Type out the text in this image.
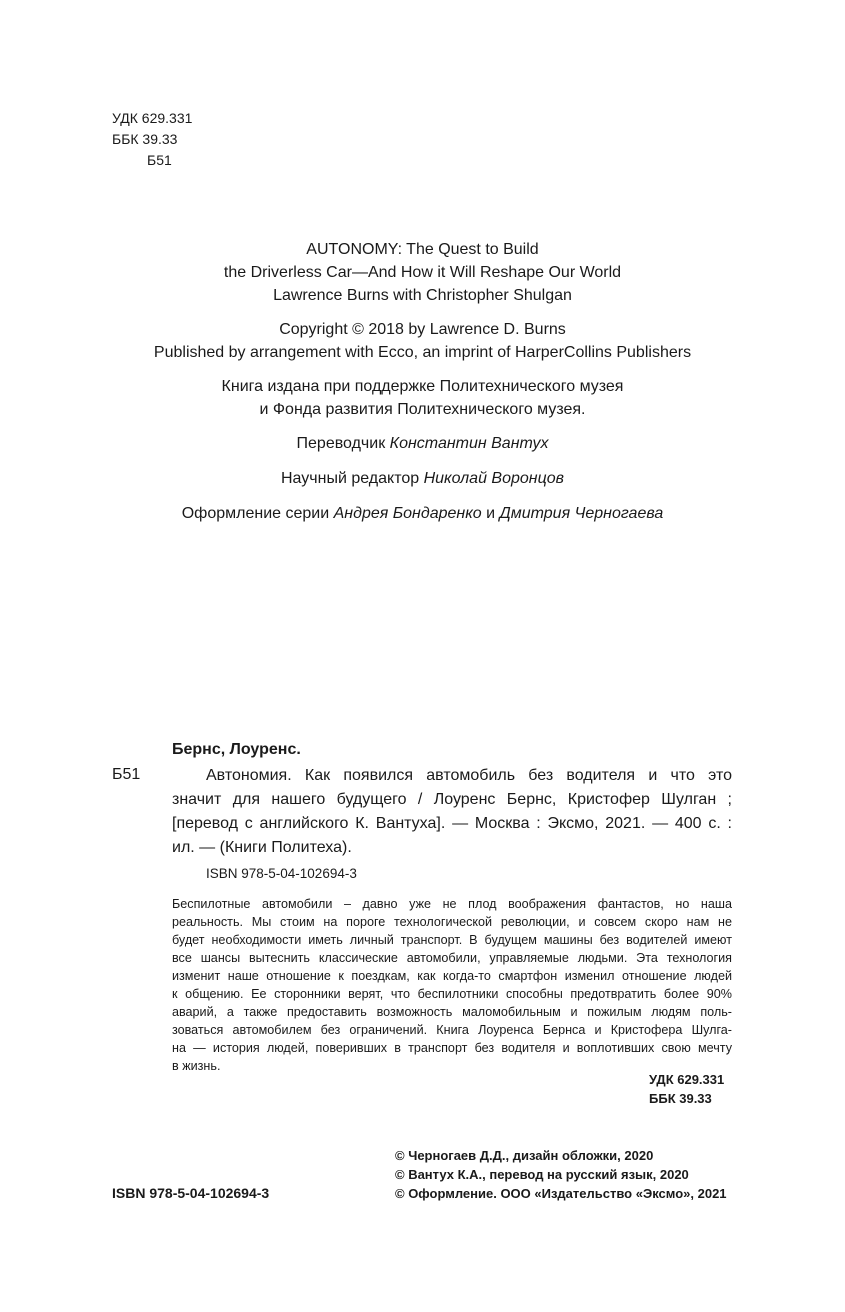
УДК 629.331
ББК 39.33
Б51
AUTONOMY: The Quest to Build
the Driverless Car—And How it Will Reshape Our World
Lawrence Burns with Christopher Shulgan
Copyright © 2018 by Lawrence D. Burns
Published by arrangement with Ecco, an imprint of HarperCollins Publishers
Книга издана при поддержке Политехнического музея
и Фонда развития Политехнического музея.
Переводчик Константин Вантух
Научный редактор Николай Воронцов
Оформление серии Андрея Бондаренко и Дмитрия Черногаева
Бернс, Лоуренс.
Б51	Автономия. Как появился автомобиль без водителя и что это
значит для нашего будущего / Лоуренс Бернс, Кристофер Шулган ;
[перевод с английского К. Вантуха]. — Москва : Эксмо, 2021. — 400 с. :
ил. — (Книги Политеха).
ISBN 978-5-04-102694-3
Беспилотные автомобили – давно уже не плод воображения фантастов, но наша
реальность. Мы стоим на пороге технологической революции, и совсем скоро нам не
будет необходимости иметь личный транспорт. В будущем машины без водителей имеют
все шансы вытеснить классические автомобили, управляемые людьми. Эта технология
изменит наше отношение к поездкам, как когда-то смартфон изменил отношение людей
к общению. Ее сторонники верят, что беспилотники способны предотвратить более 90%
аварий, а также предоставить возможность маломобильным и пожилым людям поль-
зоваться автомобилем без ограничений. Книга Лоуренса Бернса и Кристофера Шулга-
на — история людей, поверивших в транспорт без водителя и воплотивших свою мечту
в жизнь.
УДК 629.331
ББК 39.33
ISBN 978-5-04-102694-3
© Черногаев Д.Д., дизайн обложки, 2020
© Вантух К.А., перевод на русский язык, 2020
© Оформление. ООО «Издательство «Эксмо», 2021
